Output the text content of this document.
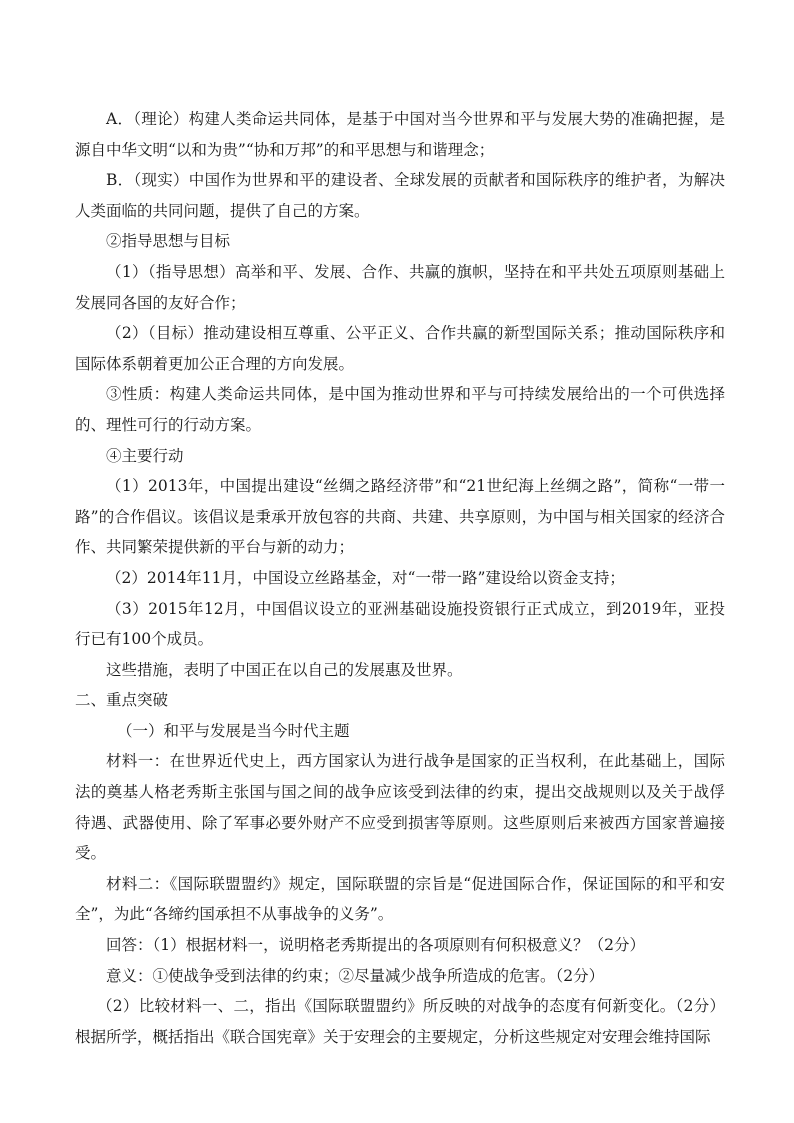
A．（理论）构建人类命运共同体，是基于中国对当今世界和平与发展大势的准确把握，是源自中华文明“以和为贵”“协和万邦”的和平思想与和谐理念；

B．（现实）中国作为世界和平的建设者、全球发展的贡献者和国际秩序的维护者，为解决人类面临的共同问题，提供了自己的方案。

②指导思想与目标

（1）（指导思想）高举和平、发展、合作、共赢的旗帜，坚持在和平共处五项原则基础上发展同各国的友好合作；

（2）（目标）推动建设相互尊重、公平正义、合作共赢的新型国际关系；推动国际秩序和国际体系朝着更加公正合理的方向发展。

③性质：构建人类命运共同体，是中国为推动世界和平与可持续发展给出的一个可供选择的、理性可行的行动方案。

④主要行动

（1）2013年，中国提出建设“丝绸之路经济带”和“21世纪海上丝绸之路”，简称“一带一路”的合作倡议。该倡议是秉承开放包容的共商、共建、共享原则，为中国与相关国家的经济合作、共同繁荣提供新的平台与新的动力；

（2）2014年11月，中国设立丝路基金，对“一带一路”建设给以资金支持；

（3）2015年12月，中国倡议设立的亚洲基础设施投资银行正式成立，到2019年，亚投行已有100个成员。

这些措施，表明了中国正在以自己的发展惠及世界。

二、重点突破

（一）和平与发展是当今时代主题

材料一：在世界近代史上，西方国家认为进行战争是国家的正当权利，在此基础上，国际法的奠基人格老秀斯主张国与国之间的战争应该受到法律的约束，提出交战规则以及关于战俘待遇、武器使用、除了军事必要外财产不应受到损害等原则。这些原则后来被西方国家普遍接受。

材料二：《国际联盟盟约》规定，国际联盟的宗旨是“促进国际合作，保证国际的和平和安全”，为此“各缔约国承担不从事战争的义务”。

回答：（1）根据材料一，说明格老秀斯提出的各项原则有何积极意义？（2分）

意义：①使战争受到法律的约束；②尽量减少战争所造成的危害。（2分）

（2）比较材料一、二，指出《国际联盟盟约》所反映的对战争的态度有何新变化。（2分）根据所学，概括指出《联合国宪章》关于安理会的主要规定，分析这些规定对安理会维持国际
